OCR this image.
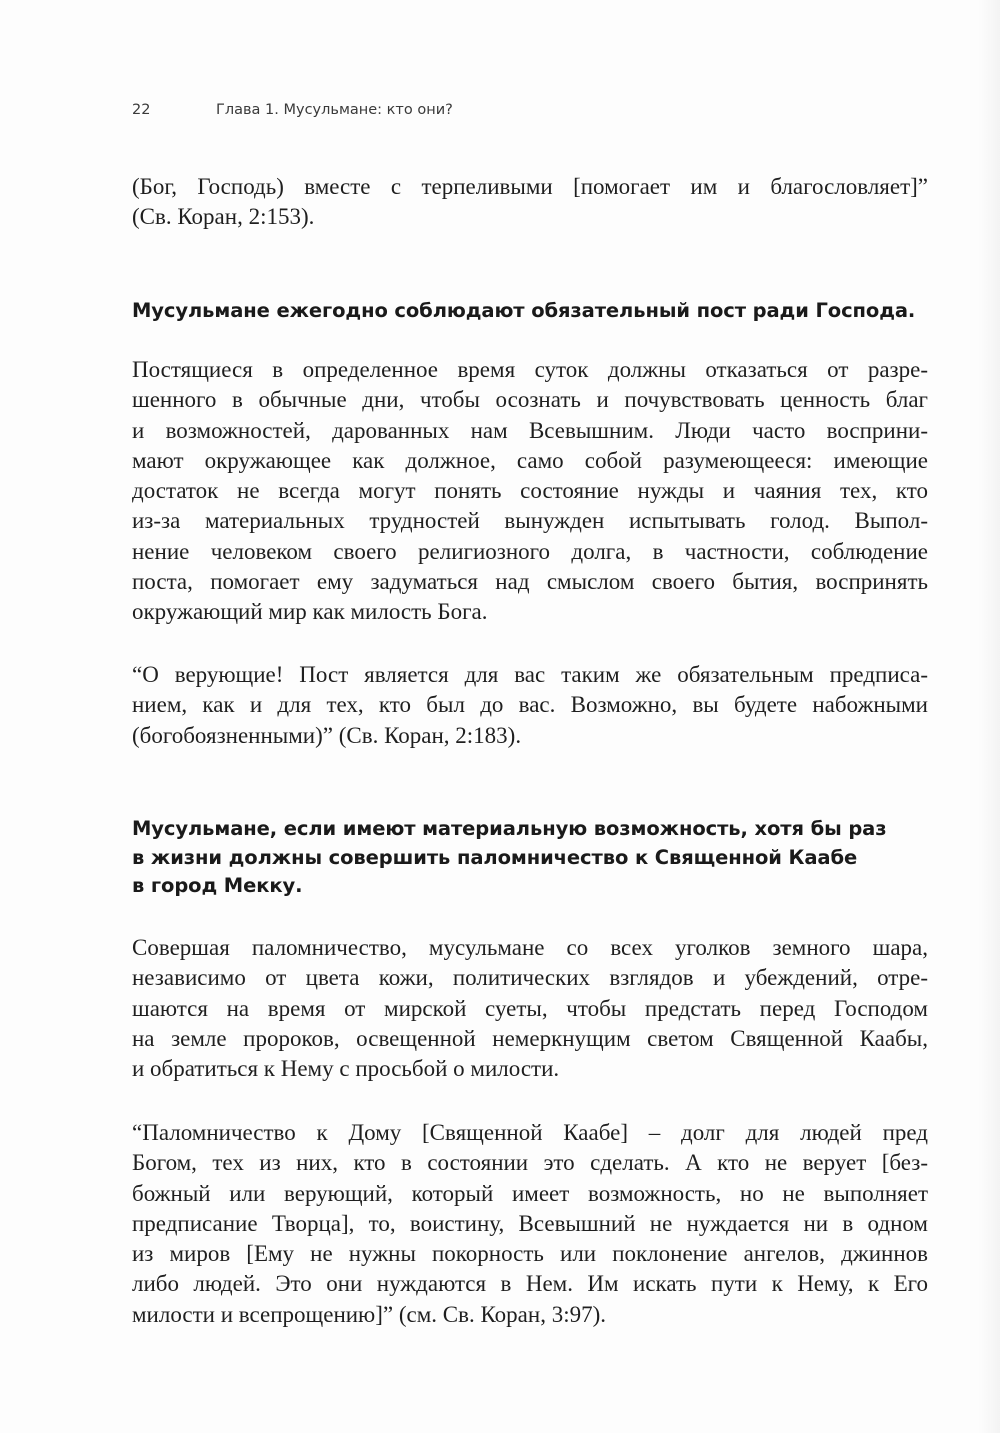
22	Глава 1. Мусульмане: кто они?

(Бог, Господь) вместе с терпеливыми [помогает им и благословляет]”
(Св. Коран, 2:153).

Мусульмане ежегодно соблюдают обязательный пост ради Господа.

Постящиеся в определенное время суток должны отказаться от разре-
шенного в обычные дни, чтобы осознать и почувствовать ценность благ
и возможностей, дарованных нам Всевышним. Люди часто восприни-
мают окружающее как должное, само собой разумеющееся: имеющие
достаток не всегда могут понять состояние нужды и чаяния тех, кто
из-за материальных трудностей вынужден испытывать голод. Выпол-
нение человеком своего религиозного долга, в частности, соблюдение
поста, помогает ему задуматься над смыслом своего бытия, воспринять
окружающий мир как милость Бога.

“О верующие! Пост является для вас таким же обязательным предписа-
нием, как и для тех, кто был до вас. Возможно, вы будете набожными
(богобоязненными)” (Св. Коран, 2:183).

Мусульмане, если имеют материальную возможность, хотя бы раз
в жизни должны совершить паломничество к Священной Каабе
в город Мекку.

Совершая паломничество, мусульмане со всех уголков земного шара,
независимо от цвета кожи, политических взглядов и убеждений, отре-
шаются на время от мирской суеты, чтобы предстать перед Господом
на земле пророков, освещенной немеркнущим светом Священной Каабы,
и обратиться к Нему с просьбой о милости.

“Паломничество к Дому [Священной Каабе] – долг для людей пред
Богом, тех из них, кто в состоянии это сделать. А кто не верует [без-
божный или верующий, который имеет возможность, но не выполняет
предписание Творца], то, воистину, Всевышний не нуждается ни в одном
из миров [Ему не нужны покорность или поклонение ангелов, джиннов
либо людей. Это они нуждаются в Нем. Им искать пути к Нему, к Его
милости и всепрощению]” (см. Св. Коран, 3:97).
